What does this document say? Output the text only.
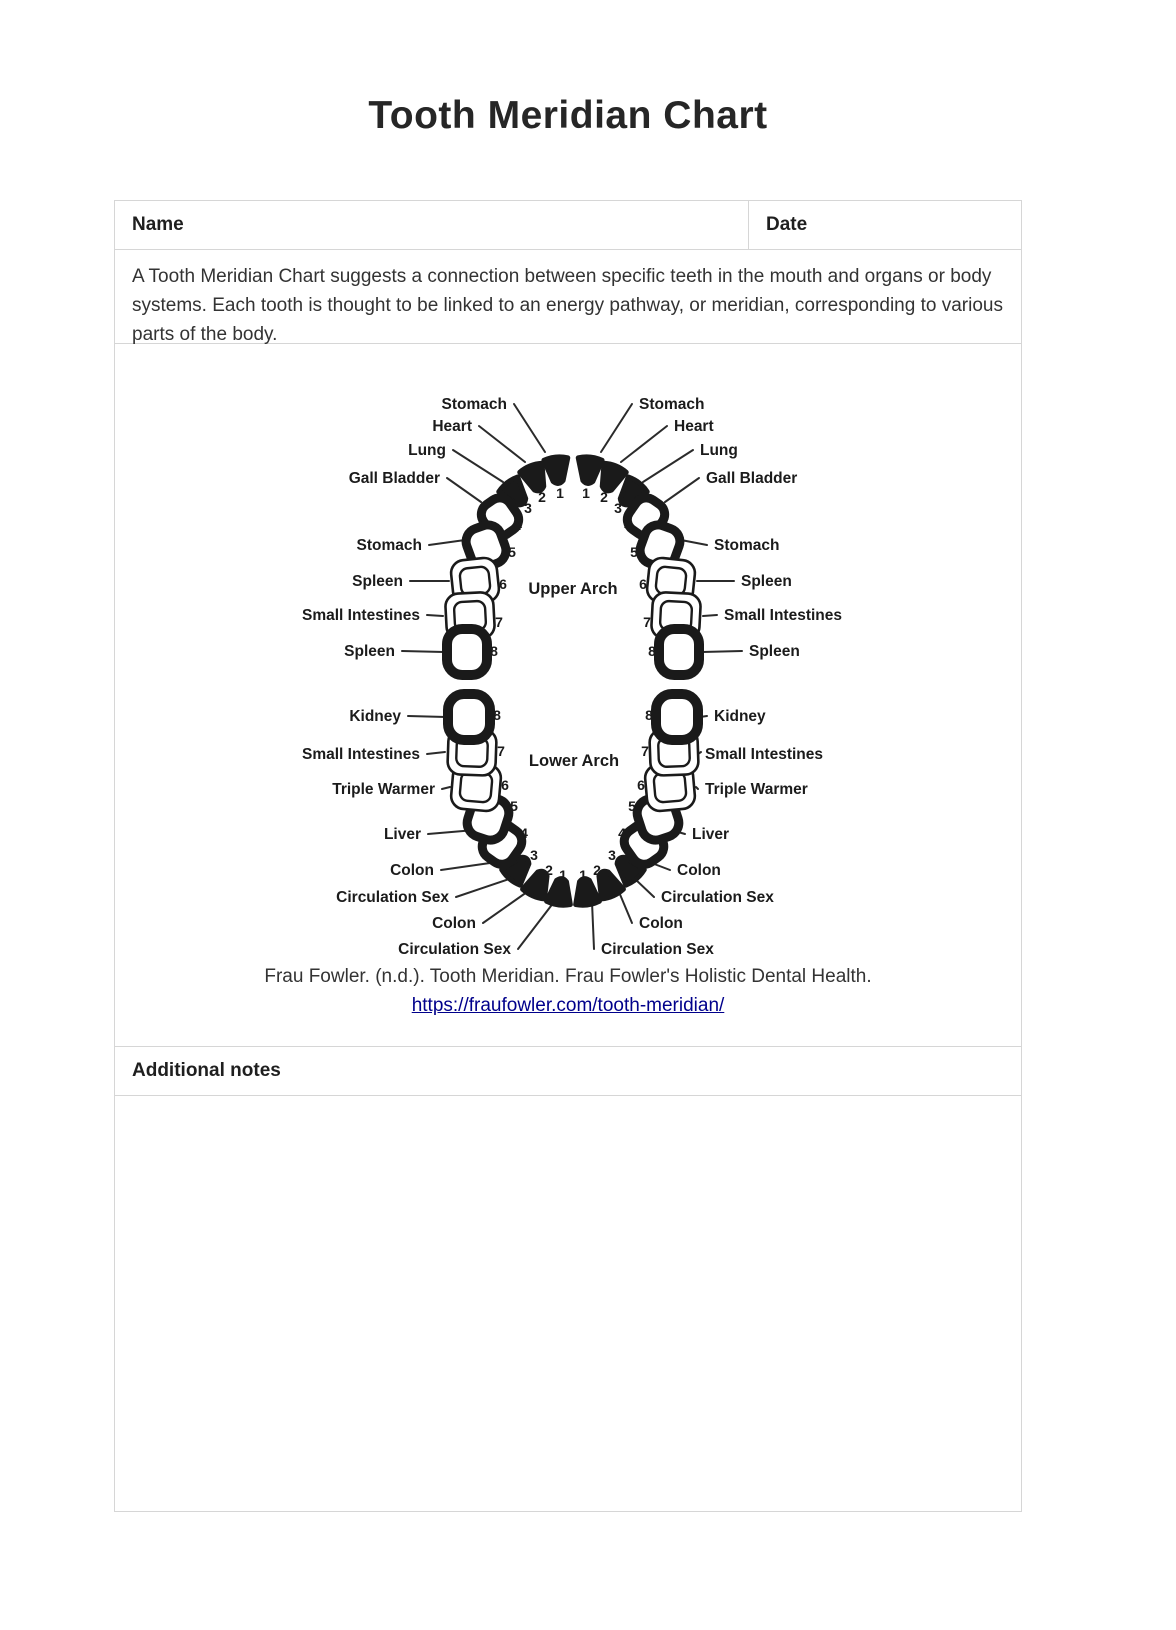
Tooth Meridian Chart
Name	Date

A Tooth Meridian Chart suggests a connection between specific teeth in the mouth and organs or body systems. Each tooth is thought to be linked to an energy pathway, or meridian, corresponding to various parts of the body.

1
2
3
4
5
6
7
8
Stomach
Heart
Lung
Gall Bladder
Stomach
Spleen
Small Intestines
Spleen
1 2
3
4
5
6
7
8
Stomach
Heart
Lung
Gall Bladder
Stomach
Spleen
Small Intestines
Spleen
1
2
3
4
5
6
7
8
Kidney
Small Intestines
Triple Warmer
Liver
Colon
Circulation Sex
Colon
Circulation Sex
1 2
3
4
5
6
7
8	Kidney
Small Intestines
Triple Warmer
Liver
Colon
Circulation Sex
Colon
Circulation Sex
Upper Arch
Lower Arch
Frau Fowler. (n.d.). Tooth Meridian. Frau Fowler's Holistic Dental Health.
https://fraufowler.com/tooth-meridian/
Additional notes
